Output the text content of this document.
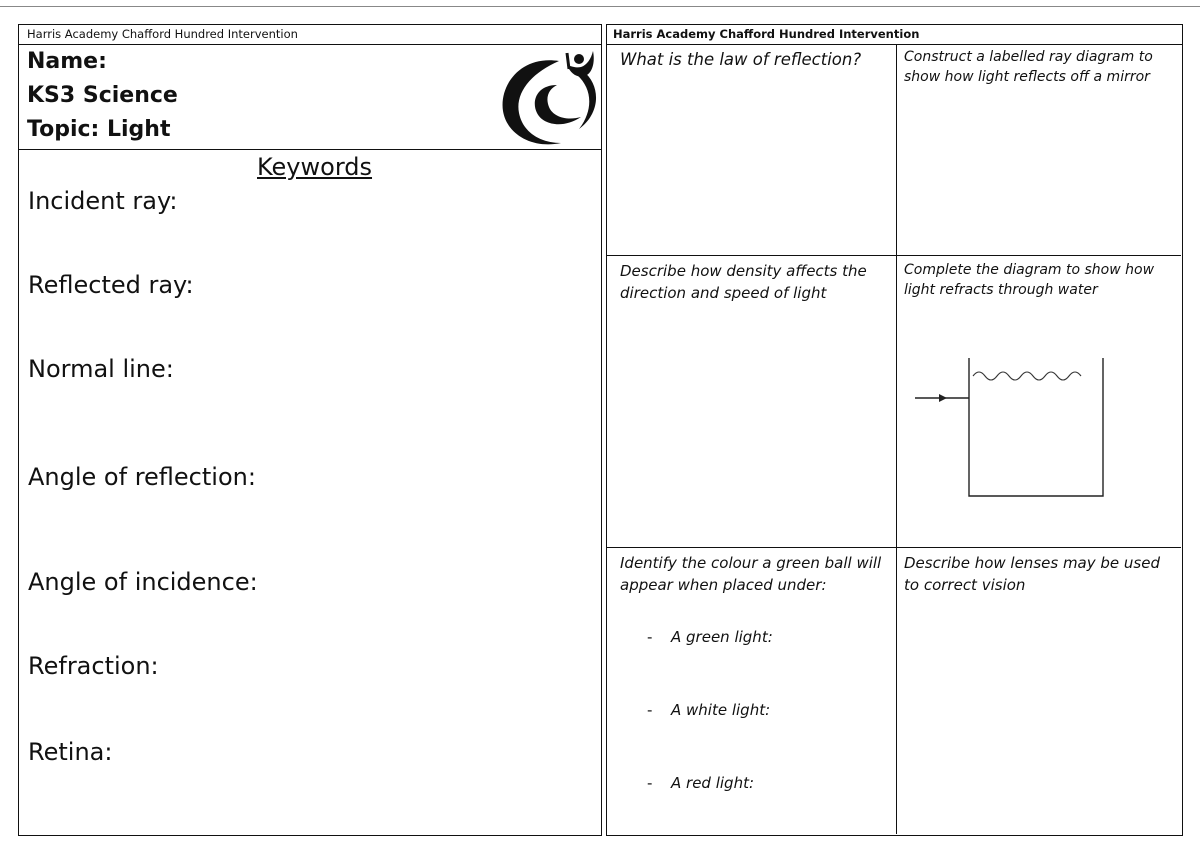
Harris Academy Chafford Hundred Intervention
Name:
KS3 Science
Topic: Light
Keywords
Incident ray:
Reflected ray:
Normal line:
Angle of reflection:
Angle of incidence:
Refraction:
Retina:
Harris Academy Chafford Hundred Intervention
What is the law of reflection?	Construct a labelled ray diagram to show how light reflects off a mirror
Describe how density affects the direction and speed of light
Complete the diagram to show how light refracts through water
Identify the colour a green ball will appear when placed under:
- A green light:
- A white light:
- A red light:
Describe how lenses may be used to correct vision
